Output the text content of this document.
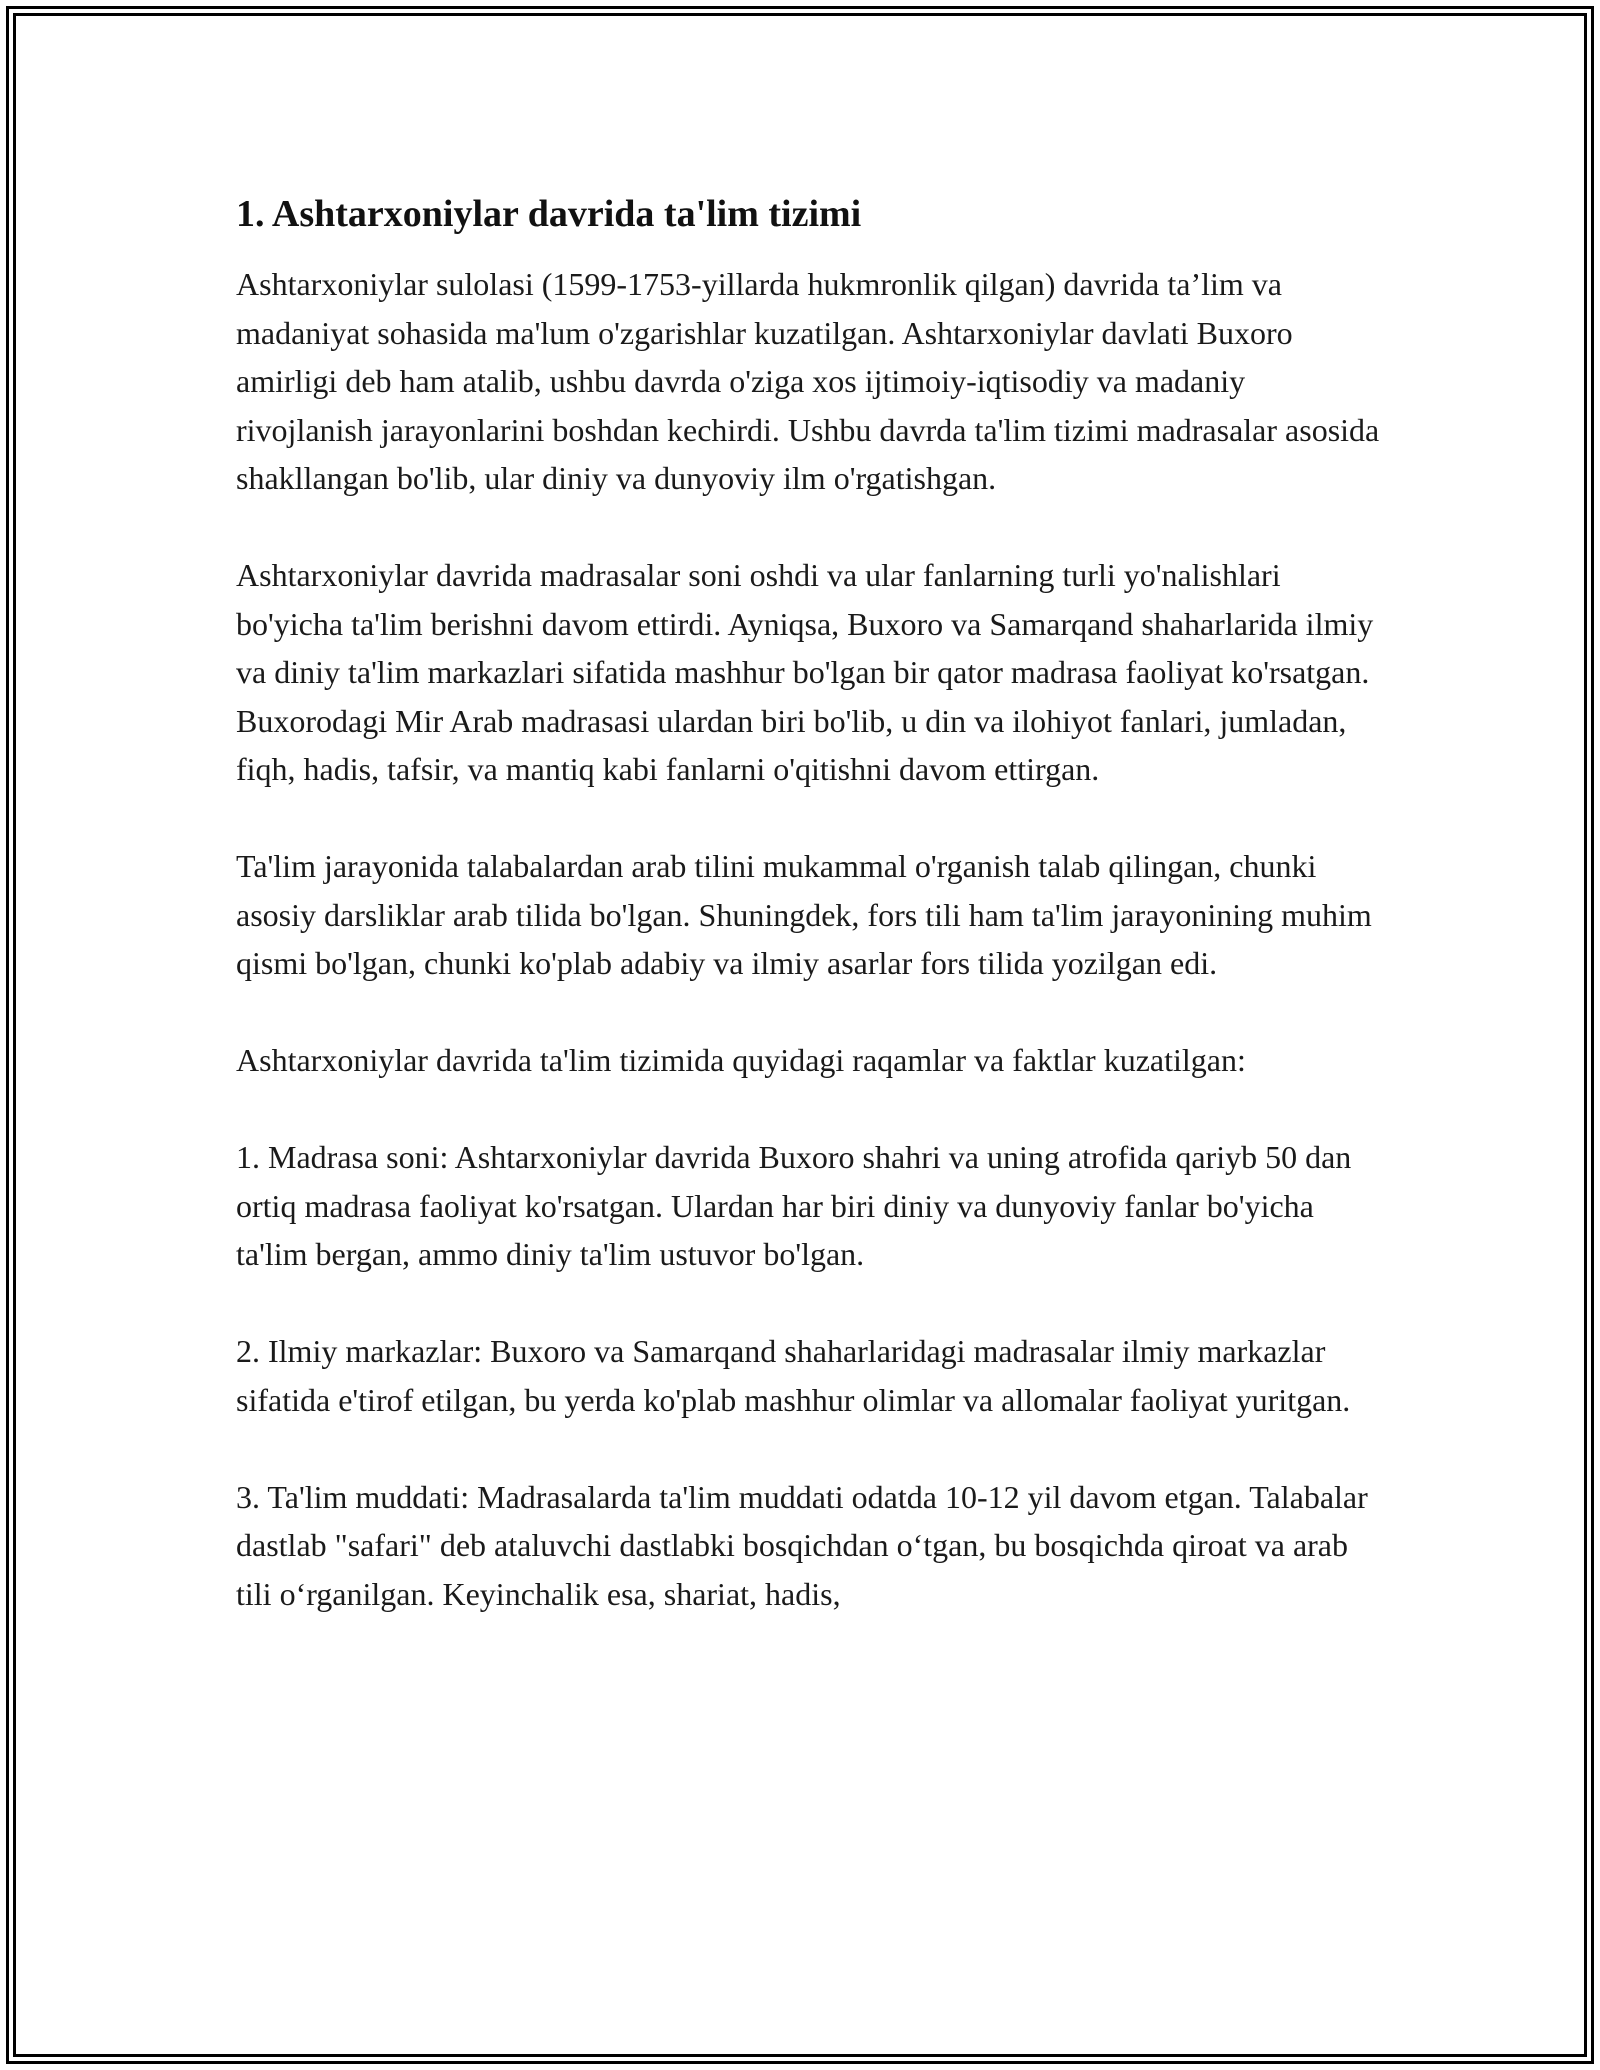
1. Ashtarxoniylar davrida ta'lim tizimi

Ashtarxoniylar sulolasi (1599-1753-yillarda hukmronlik qilgan) davrida ta’lim va madaniyat sohasida ma'lum o'zgarishlar kuzatilgan. Ashtarxoniylar davlati Buxoro amirligi deb ham atalib, ushbu davrda o'ziga xos ijtimoiy-iqtisodiy va madaniy rivojlanish jarayonlarini boshdan kechirdi. Ushbu davrda ta'lim tizimi madrasalar asosida shakllangan bo'lib, ular diniy va dunyoviy ilm o'rgatishgan.

Ashtarxoniylar davrida madrasalar soni oshdi va ular fanlarning turli yo'nalishlari bo'yicha ta'lim berishni davom ettirdi. Ayniqsa, Buxoro va Samarqand shaharlarida ilmiy va diniy ta'lim markazlari sifatida mashhur bo'lgan bir qator madrasa faoliyat ko'rsatgan. Buxorodagi Mir Arab madrasasi ulardan biri bo'lib, u din va ilohiyot fanlari, jumladan, fiqh, hadis, tafsir, va mantiq kabi fanlarni o'qitishni davom ettirgan.

Ta'lim jarayonida talabalardan arab tilini mukammal o'rganish talab qilingan, chunki asosiy darsliklar arab tilida bo'lgan. Shuningdek, fors tili ham ta'lim jarayonining muhim qismi bo'lgan, chunki ko'plab adabiy va ilmiy asarlar fors tilida yozilgan edi.

Ashtarxoniylar davrida ta'lim tizimida quyidagi raqamlar va faktlar kuzatilgan:

1. Madrasa soni: Ashtarxoniylar davrida Buxoro shahri va uning atrofida qariyb 50 dan ortiq madrasa faoliyat ko'rsatgan. Ulardan har biri diniy va dunyoviy fanlar bo'yicha ta'lim bergan, ammo diniy ta'lim ustuvor bo'lgan.

2. Ilmiy markazlar: Buxoro va Samarqand shaharlaridagi madrasalar ilmiy markazlar sifatida e'tirof etilgan, bu yerda ko'plab mashhur olimlar va allomalar faoliyat yuritgan.

3. Ta'lim muddati: Madrasalarda ta'lim muddati odatda 10-12 yil davom etgan. Talabalar dastlab "safari" deb ataluvchi dastlabki bosqichdan o‘tgan, bu bosqichda qiroat va arab tili o‘rganilgan. Keyinchalik esa, shariat, hadis,
